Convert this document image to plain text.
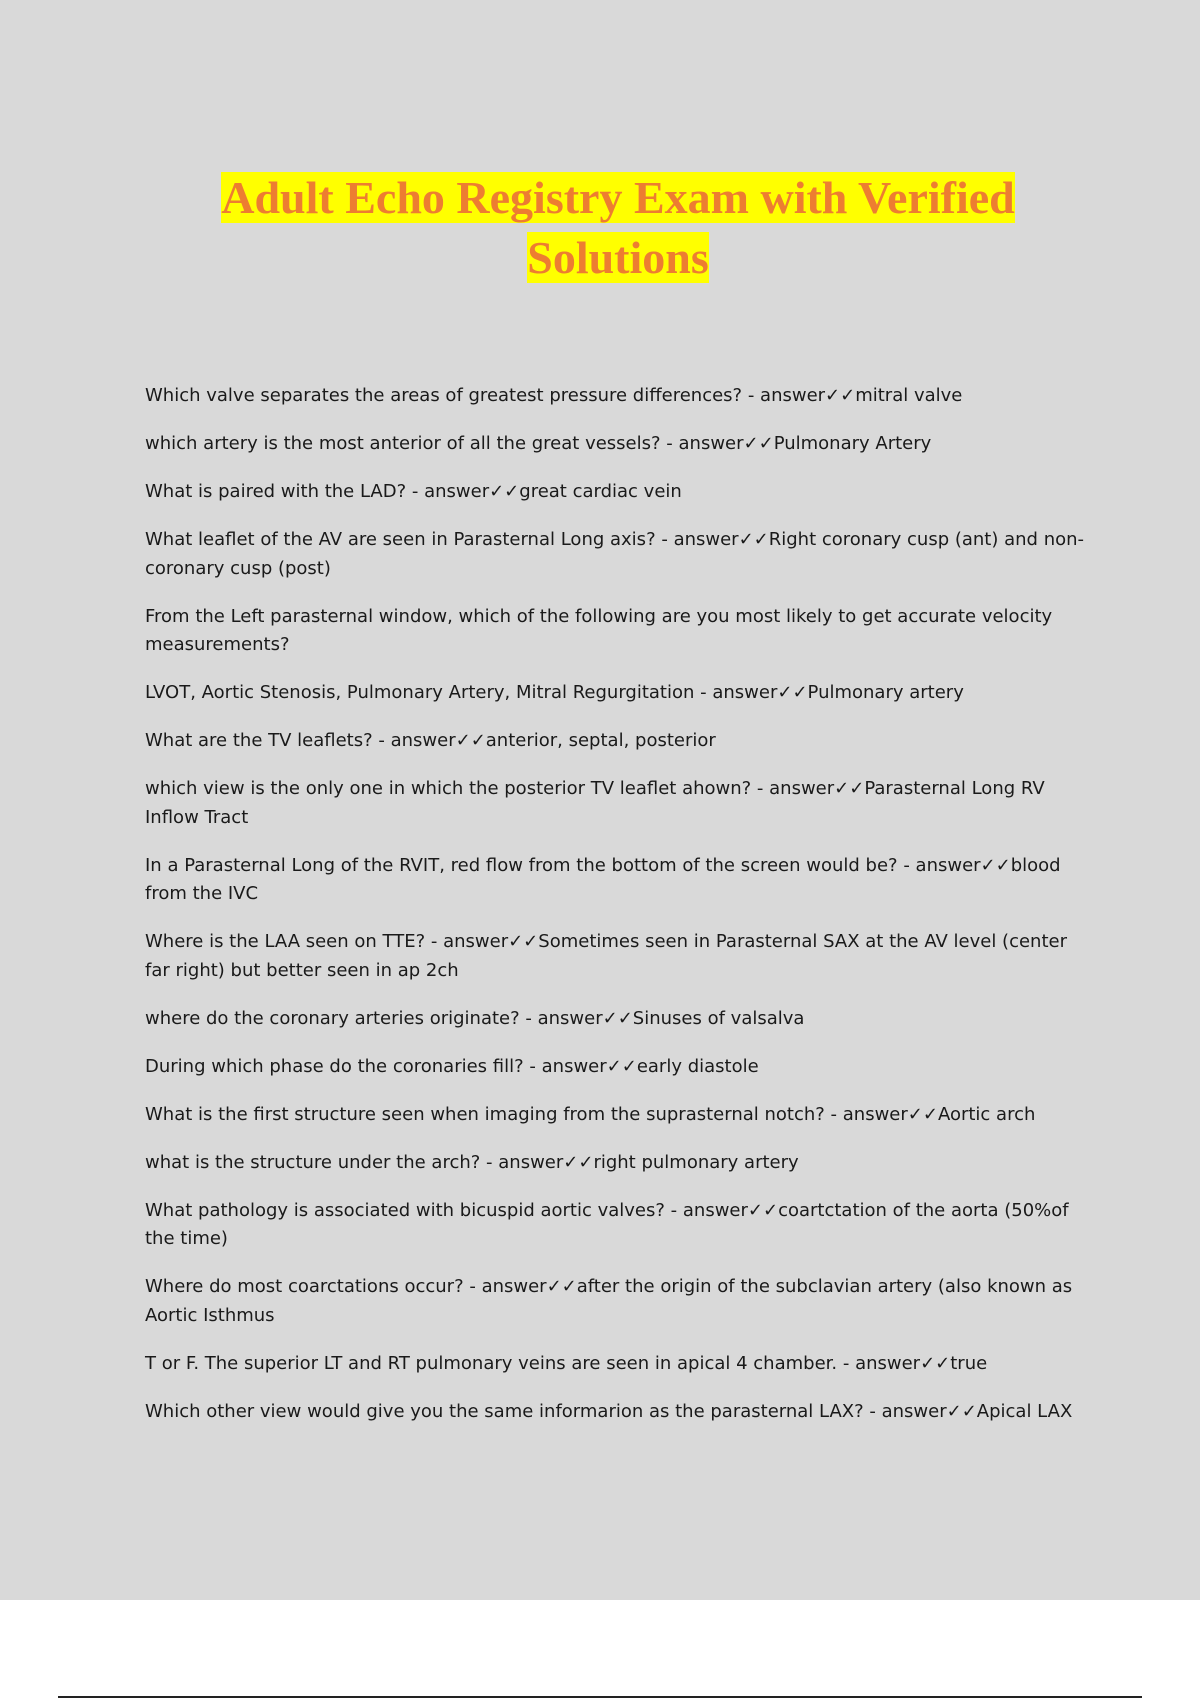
Adult Echo Registry Exam with Verified
Solutions
Which valve separates the areas of greatest pressure differences? - answer✓✓mitral valve
which artery is the most anterior of all the great vessels? - answer✓✓Pulmonary Artery
What is paired with the LAD? - answer✓✓great cardiac vein
What leaflet of the AV are seen in Parasternal Long axis? - answer✓✓Right coronary cusp (ant) and non-coronary cusp (post)
From the Left parasternal window, which of the following are you most likely to get accurate velocity measurements?
LVOT, Aortic Stenosis, Pulmonary Artery, Mitral Regurgitation - answer✓✓Pulmonary artery
What are the TV leaflets? - answer✓✓anterior, septal, posterior
which view is the only one in which the posterior TV leaflet ahown? - answer✓✓Parasternal Long RV Inflow Tract
In a Parasternal Long of the RVIT, red flow from the bottom of the screen would be? - answer✓✓blood from the IVC
Where is the LAA seen on TTE? - answer✓✓Sometimes seen in Parasternal SAX at the AV level (center far right) but better seen in ap 2ch
where do the coronary arteries originate? - answer✓✓Sinuses of valsalva
During which phase do the coronaries fill? - answer✓✓early diastole
What is the first structure seen when imaging from the suprasternal notch? - answer✓✓Aortic arch
what is the structure under the arch? - answer✓✓right pulmonary artery
What pathology is associated with bicuspid aortic valves? - answer✓✓coartctation of the aorta (50%of the time)
Where do most coarctations occur? - answer✓✓after the origin of the subclavian artery (also known as Aortic Isthmus
T or F. The superior LT and RT pulmonary veins are seen in apical 4 chamber. - answer✓✓true
Which other view would give you the same informarion as the parasternal LAX? - answer✓✓Apical LAX
